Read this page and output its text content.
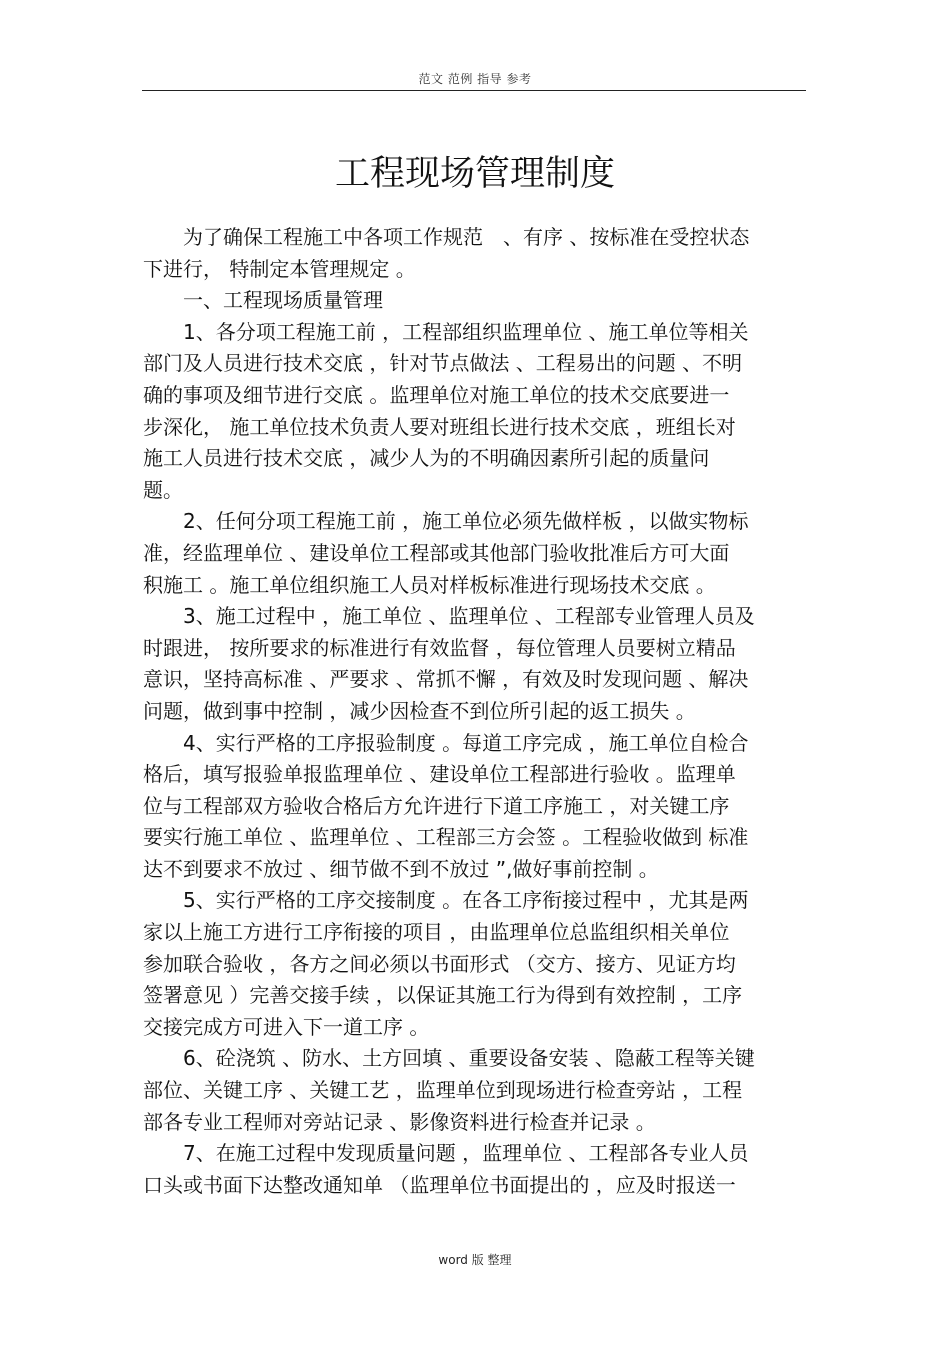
范文 范例 指导 参考
工程现场管理制度
　　为了确保工程施工中各项工作规范　、有序 、按标准在受控状态
下进行， 特制定本管理规定 。
　　一、工程现场质量管理
　　1、各分项工程施工前 ，工程部组织监理单位 、施工单位等相关
部门及人员进行技术交底 ，针对节点做法 、工程易出的问题 、不明
确的事项及细节进行交底 。监理单位对施工单位的技术交底要进一
步深化， 施工单位技术负责人要对班组长进行技术交底 ，班组长对
施工人员进行技术交底 ，减少人为的不明确因素所引起的质量问
题。
　　2、任何分项工程施工前 ，施工单位必须先做样板 ，以做实物标
准，经监理单位 、建设单位工程部或其他部门验收批准后方可大面
积施工 。施工单位组织施工人员对样板标准进行现场技术交底 。
　　3、施工过程中 ，施工单位 、监理单位 、工程部专业管理人员及
时跟进， 按所要求的标准进行有效监督 ，每位管理人员要树立精品
意识，坚持高标准 、严要求 、常抓不懈 ，有效及时发现问题 、解决
问题，做到事中控制 ，减少因检查不到位所引起的返工损失 。
　　4、实行严格的工序报验制度 。每道工序完成 ，施工单位自检合
格后，填写报验单报监理单位 、建设单位工程部进行验收 。监理单
位与工程部双方验收合格后方允许进行下道工序施工 ，对关键工序
要实行施工单位 、监理单位 、工程部三方会签 。工程验收做到 标准
达不到要求不放过 、细节做不到不放过 ”,做好事前控制 。
　　5、实行严格的工序交接制度 。在各工序衔接过程中 ，尤其是两
家以上施工方进行工序衔接的项目 ，由监理单位总监组织相关单位
参加联合验收 ，各方之间必须以书面形式 （交方、接方、见证方均
签署意见 ）完善交接手续 ，以保证其施工行为得到有效控制 ，工序
交接完成方可进入下一道工序 。
　　6、砼浇筑 、防水、土方回填 、重要设备安装 、隐蔽工程等关键
部位、关键工序 、关键工艺 ，监理单位到现场进行检查旁站 ，工程
部各专业工程师对旁站记录 、影像资料进行检查并记录 。
　　7、在施工过程中发现质量问题 ，监理单位 、工程部各专业人员
口头或书面下达整改通知单 （监理单位书面提出的 ，应及时报送一
word 版 整理
